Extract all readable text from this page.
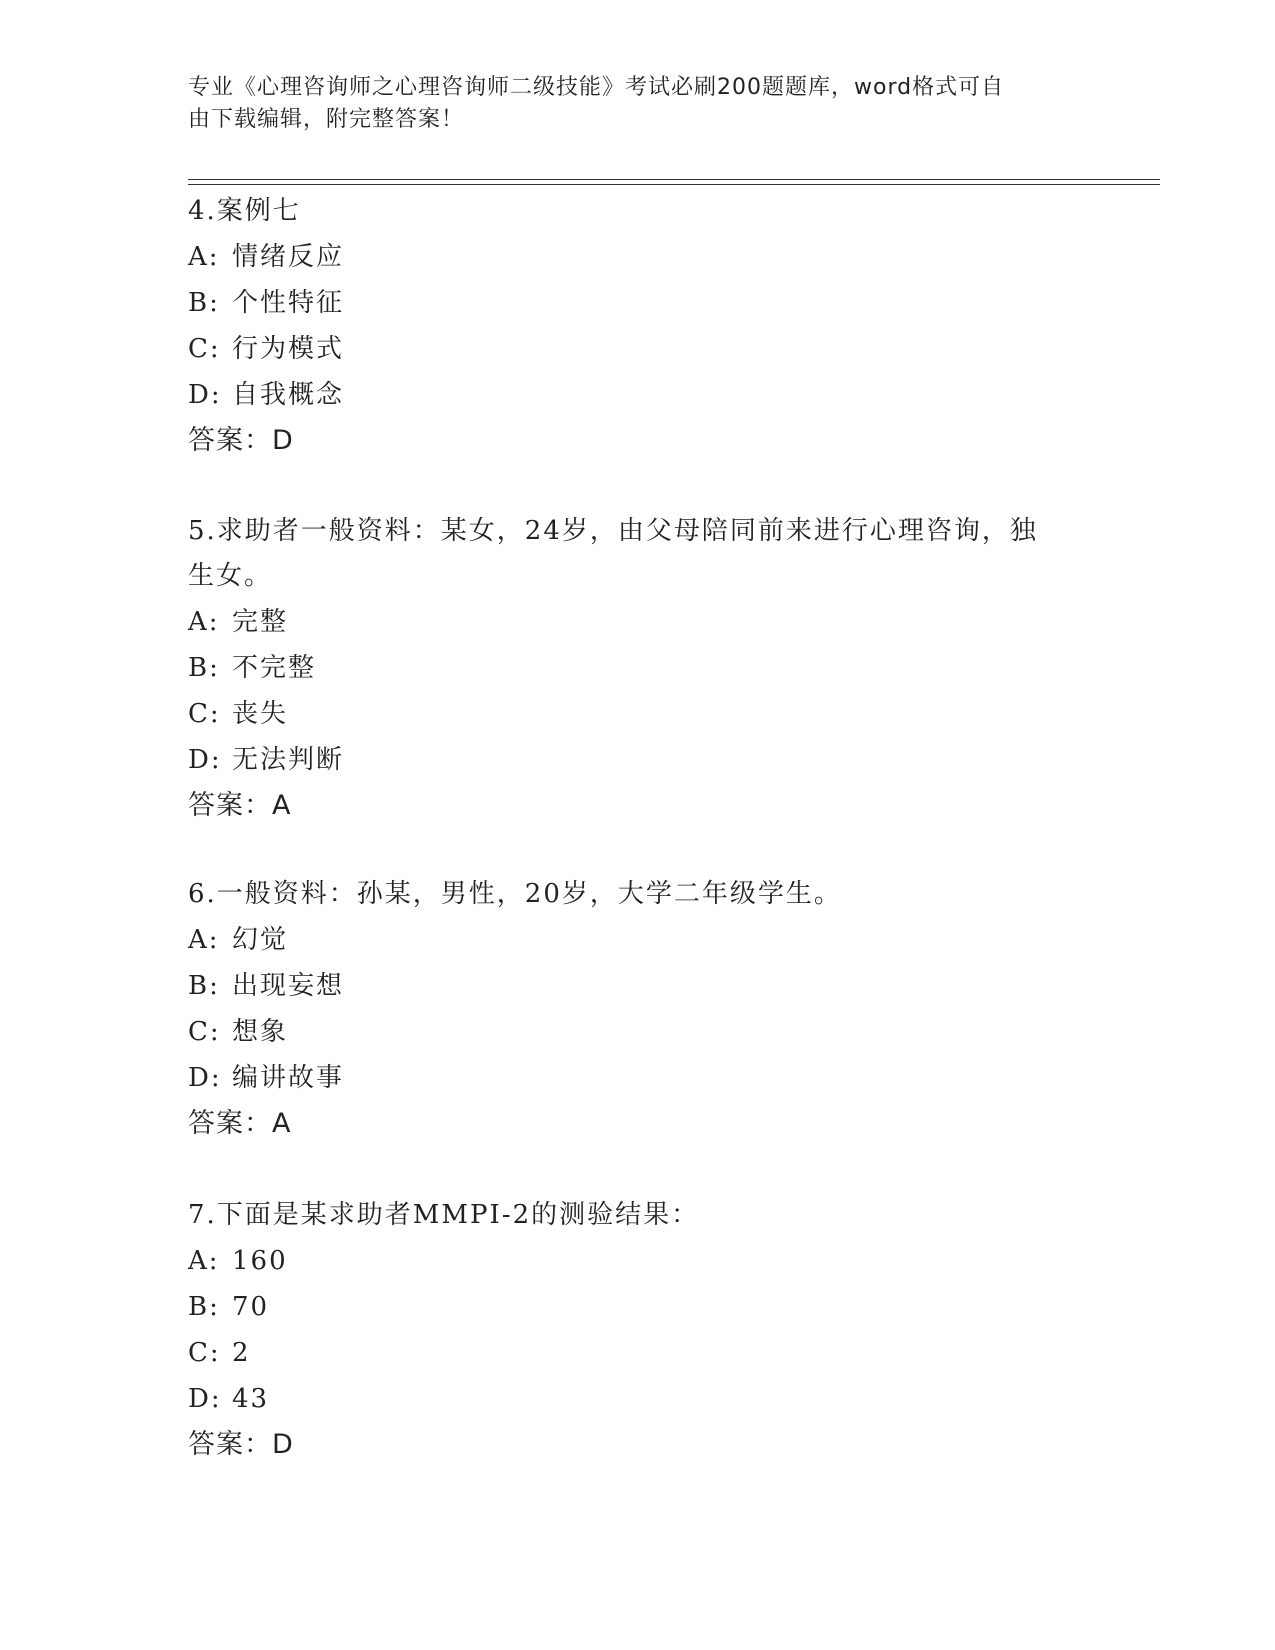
专业《心理咨询师之心理咨询师二级技能》考试必刷200题题库，word格式可自
由下载编辑，附完整答案！
4.案例七
A: 情绪反应
B: 个性特征
C: 行为模式
D: 自我概念
答案：D
5.求助者一般资料：某女，24岁，由父母陪同前来进行心理咨询，独
生女。
A: 完整
B: 不完整
C: 丧失
D: 无法判断
答案：A
6.一般资料：孙某，男性，20岁，大学二年级学生。
A: 幻觉
B: 出现妄想
C: 想象
D: 编讲故事
答案：A
7.下面是某求助者MMPI-2的测验结果：
A: 160
B: 70
C: 2
D: 43
答案：D
